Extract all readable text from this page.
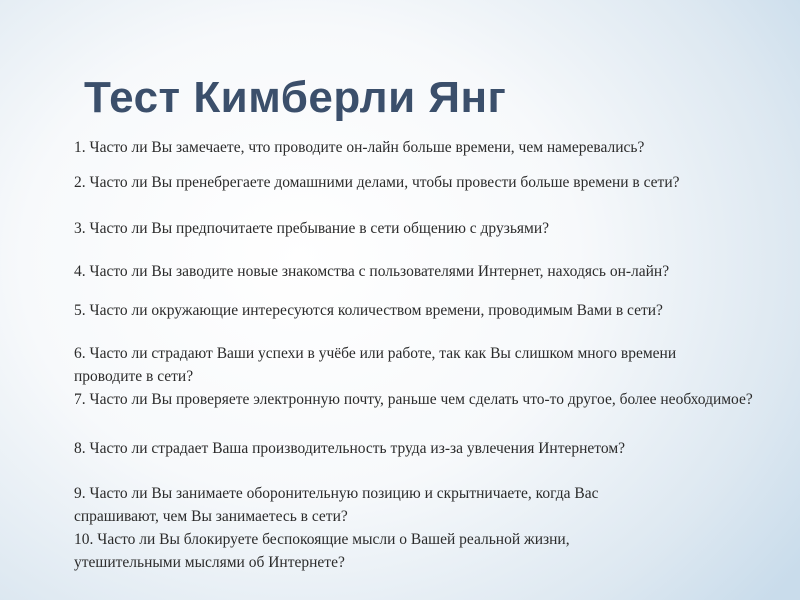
Тест Кимберли Янг

1. Часто ли Вы замечаете, что проводите он-лайн больше времени, чем намеревались?

2. Часто ли Вы пренебрегаете домашними делами, чтобы провести больше времени в сети?

3. Часто ли Вы предпочитаете пребывание в сети общению с друзьями?

4. Часто ли Вы заводите новые знакомства с пользователями Интернет, находясь он-лайн?

5. Часто ли окружающие интересуются количеством времени, проводимым Вами в сети?

6. Часто ли страдают Ваши успехи в учёбе или работе, так как Вы слишком много времени проводите в сети?

7. Часто ли Вы проверяете электронную почту, раньше чем сделать что-то другое, более необходимое?

8. Часто ли страдает Ваша производительность труда из-за увлечения Интернетом?

9. Часто ли Вы занимаете оборонительную позицию и скрытничаете, когда Вас спрашивают, чем Вы занимаетесь в сети?

10. Часто ли Вы блокируете беспокоящие мысли о Вашей реальной жизни, утешительными мыслями об Интернете?
